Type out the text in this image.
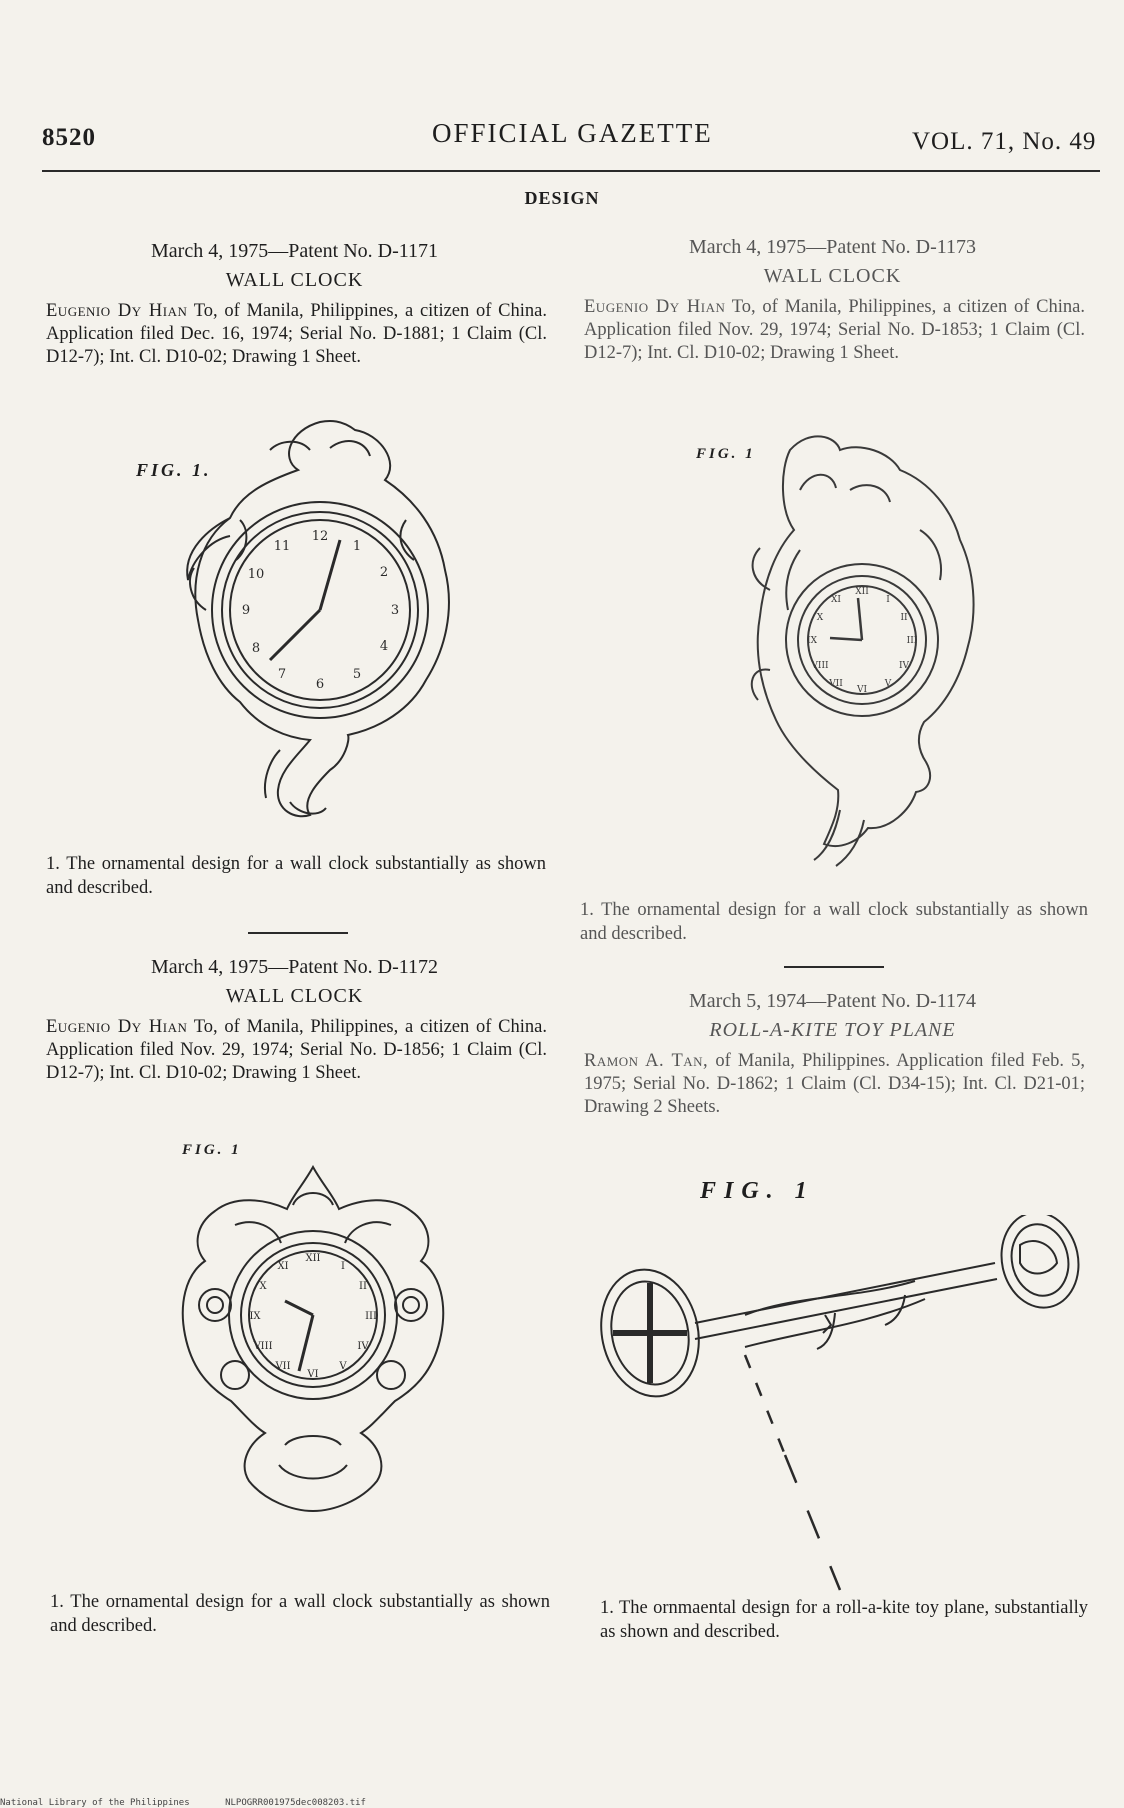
8520	OFFICIAL GAZETTE	VOL. 71, No. 49
DESIGN
March 4, 1975—Patent No. D-1171
WALL CLOCK
Eugenio Dy Hian To, of Manila, Philippines, a citizen of China. Application filed Dec. 16, 1974; Serial No. D-1881; 1 Claim (Cl. D12-7); Int. Cl. D10-02; Drawing 1 Sheet.
FIG. 1.
12
1
2
3
4
5
6
7
8
9
10
11
1. The ornamental design for a wall clock substantially as shown and described.
March 4, 1975—Patent No. D-1172
WALL CLOCK
Eugenio Dy Hian To, of Manila, Philippines, a citizen of China. Application filed Nov. 29, 1974; Serial No. D-1856; 1 Claim (Cl. D12-7); Int. Cl. D10-02; Drawing 1 Sheet.
FIG. 1
XII
III
VI
IX
I
II
IV
V
VII
VIII
X
XI
1. The ornamental design for a wall clock substantially as shown and described.
March 4, 1975—Patent No. D-1173
WALL CLOCK
Eugenio Dy Hian To, of Manila, Philippines, a citizen of China. Application filed Nov. 29, 1974; Serial No. D-1853; 1 Claim (Cl. D12-7); Int. Cl. D10-02; Drawing 1 Sheet.
FIG. 1
XII
III
VI
IX
I
II
IV
V
VII
VIII
X
XI
1. The ornamental design for a wall clock substantially as shown and described.
March 5, 1974—Patent No. D-1174
ROLL-A-KITE TOY PLANE
Ramon A. Tan, of Manila, Philippines. Application filed Feb. 5, 1975; Serial No. D-1862; 1 Claim (Cl. D34-15); Int. Cl. D21-01; Drawing 2 Sheets.
FIG. 1
1. The ornmaental design for a roll-a-kite toy plane, substantially as shown and described.
National Library of the Philippines	NLPOGRR001975dec008203.tif
